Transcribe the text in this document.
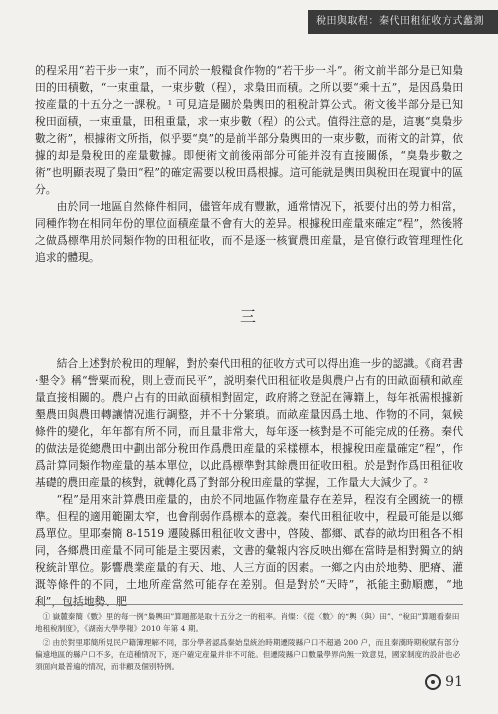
稅田與取程：秦代田租征收方式蠡測

的程采用“若干步一束”，而不同於一般糧食作物的“若干步一斗”。術文前半部分是已知梟田的田積數，“一束重量，一束步數（程），求梟田而積。之所以要“乘十五”，是因爲梟田按産量的十五分之一課稅。¹ 可見這是關於梟輿田的租稅計算公式。術文後半部分是已知稅田面積，一束重量，田租重量，求一束步數（程）的公式。值得注意的是，這裏“臭梟步數之術”，根據術文所指，似乎要“臭”的是前半部分梟輿田的一束步數，而術文的計算，依據的却是梟稅田的産量數據。即便術文前後兩部分可能并沒有直接關係，“臭梟步數之術”也明顯表現了梟田“程”的確定需要以稅田爲根據。這可能就是輿田與稅田在現實中的區分。

由於同一地區自然條件相同，儘管年成有豐歉，通常情况下，祇要付出的勞力相當，同種作物在相同年份的單位面積産量不會有大的差异。根據稅田産量來確定“程”，然後將之做爲標準用於同類作物的田租征收，而不是逐一核實農田産量，是官僚行政管理理性化追求的體現。

三

結合上述對於稅田的理解，對於秦代田租的征收方式可以得出進一步的認識。《商君書·墾令》稱“訾粟而稅，則上壹而民平”，説明秦代田租征收是與農户占有的田畝面積和畝産量直接相關的。農户占有的田畝面積相對固定，政府將之登記在簿籍上，每年祇需根據新墾農田與農田轉讓情况進行調整，并不十分繁瑣。而畝産量因爲土地、作物的不同，氣候條件的變化，年年都有所不同，而且量非常大，每年逐一核對是不可能完成的任務。秦代的做法是從總農田中劃出部分稅田作爲農田産量的采樣標本，根據稅田産量確定“程”，作爲計算同類作物産量的基本單位，以此爲標準對其餘農田征收田租。於是對作爲田租征收基礎的農田産量的核對，就轉化爲了對部分稅田産量的掌握，工作量大大減少了。²

“程”是用來計算農田産量的，由於不同地區作物産量存在差异，程沒有全國統一的標準。但程的適用範圍太窄，也會削弱作爲標本的意義。秦代田租征收中，程最可能是以鄉爲單位。里耶秦簡 8-1519 遷陵縣田租征收文書中，啓陵、都鄉、貳春的畝均田租各不相同，各鄉農田産量不同可能是主要因素，文書的彙報内容反映出鄉在當時是相對獨立的納稅統計單位。影響農業産量的有天、地、人三方面的因素。一鄉之内由於地勢、肥瘠、灌溉等條件的不同，土地所産當然可能存在差别。但是對於“天時”，祇能主動順應，“地利”，包括地勢、肥

① 嶽麓秦簡《數》里的每一例“梟輿田”算題都是取十五分之一的租率。肖燦：《從〈數〉的“輿（與）田”、“稅田”算題看秦田地租稅制度》，《湖南大學學報》2010 年第 4 期。

② 由於對里耶簡所見民户籍簿理解不同，部分學者認爲秦始皇統治時期遷陵縣户口不超過 200 户，而且秦漢時期稅賦有部分偏遠地區的縣户口不多，在這種情况下，逐户確定産量并非不可能。但遷陵縣户口數量學界尚無一致意見，國家制度的設計也必須面向最普遍的情况，而非顧及個别特例。

91
